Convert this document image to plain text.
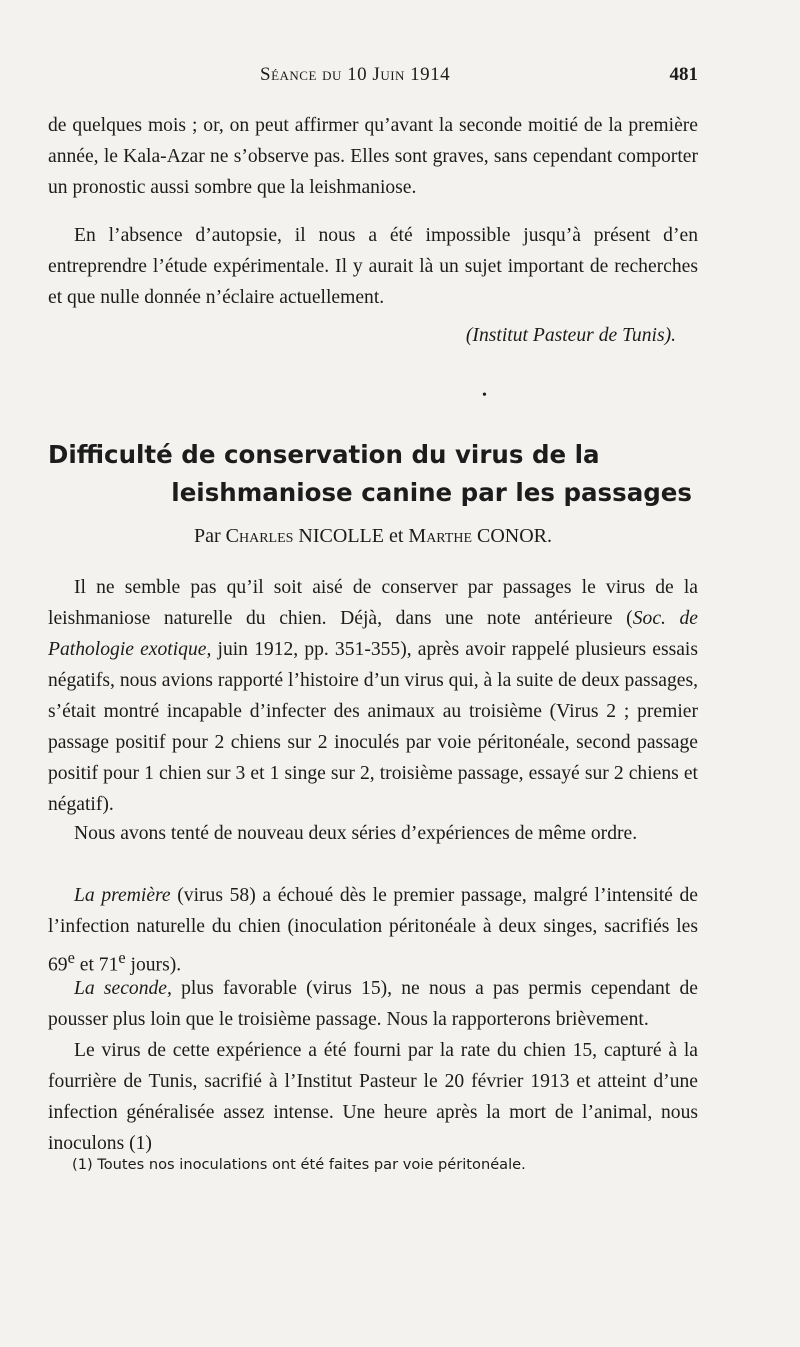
Séance du 10 Juin 1914	481

de quelques mois ; or, on peut affirmer qu’avant la seconde moitié de la première année, le Kala-Azar ne s’observe pas. Elles sont graves, sans cependant comporter un pronostic aussi sombre que la leishmaniose.

En l’absence d’autopsie, il nous a été impossible jusqu’à présent d’en entreprendre l’étude expérimentale. Il y aurait là un sujet important de recherches et que nulle donnée n’éclaire actuellement.

(Institut Pasteur de Tunis).
•
Difficulté de conservation du virus de la
leishmaniose canine par les passages
Par Charles NICOLLE et Marthe CONOR.

Il ne semble pas qu’il soit aisé de conserver par passages le virus de la leishmaniose naturelle du chien. Déjà, dans une note antérieure (Soc. de Pathologie exotique, juin 1912, pp. 351-355), après avoir rappelé plusieurs essais négatifs, nous avions rapporté l’histoire d’un virus qui, à la suite de deux passages, s’était montré incapable d’infecter des animaux au troisième (Virus 2 ; premier passage positif pour 2 chiens sur 2 inoculés par voie péritonéale, second passage positif pour 1 chien sur 3 et 1 singe sur 2, troisième passage, essayé sur 2 chiens et négatif).

Nous avons tenté de nouveau deux séries d’expériences de même ordre.

La première (virus 58) a échoué dès le premier passage, malgré l’intensité de l’infection naturelle du chien (inoculation péritonéale à deux singes, sacrifiés les 69e et 71e jours).

La seconde, plus favorable (virus 15), ne nous a pas permis cependant de pousser plus loin que le troisième passage. Nous la rapporterons brièvement.

Le virus de cette expérience a été fourni par la rate du chien 15, capturé à la fourrière de Tunis, sacrifié à l’Institut Pasteur le 20 février 1913 et atteint d’une infection généralisée assez intense. Une heure après la mort de l’animal, nous inoculons (1)

(1) Toutes nos inoculations ont été faites par voie péritonéale.
